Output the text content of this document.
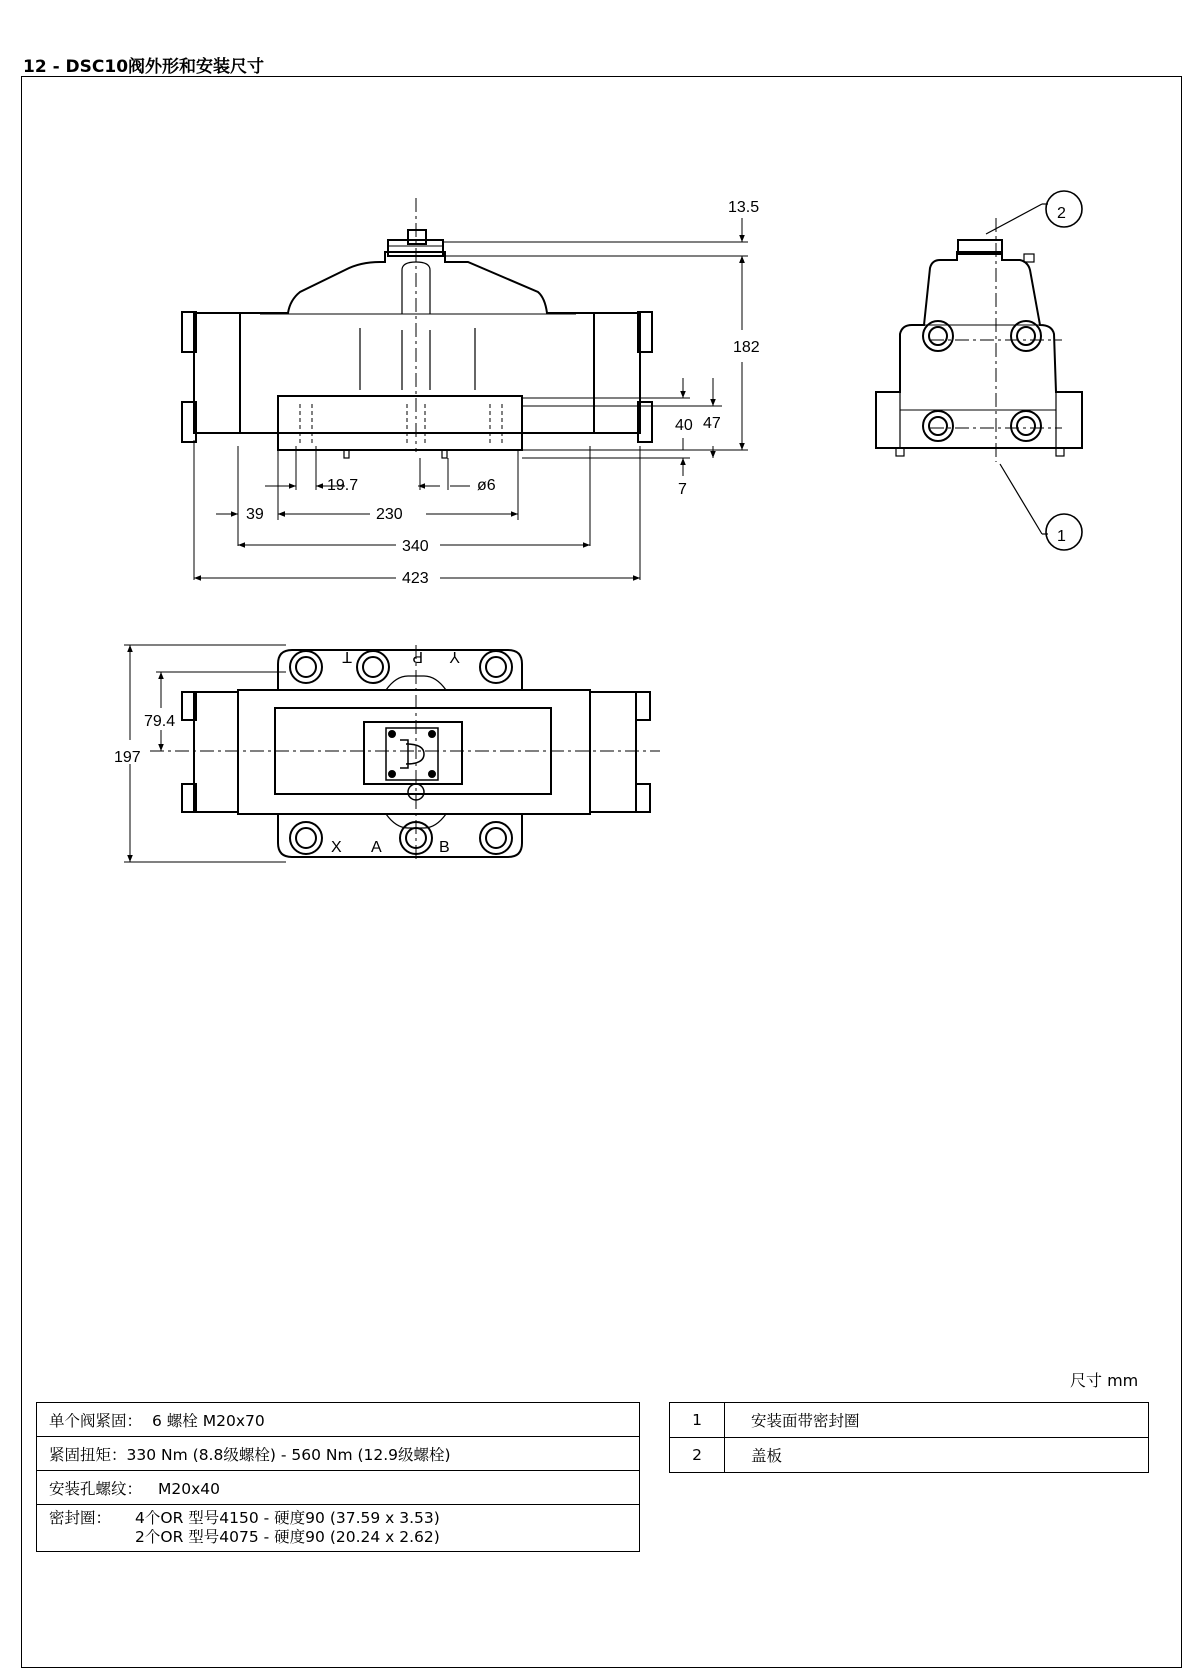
12 - DSC10阀外形和安装尺寸
13.5
182
40 47
7
19.7	ø6
39	230
340
423
2
1
T	P Y
X A	B
79.4
197
尺寸 mm
单个阀紧固： 6 螺栓 M20x70
紧固扭矩：330 Nm (8.8级螺栓) - 560 Nm (12.9级螺栓)
安装孔螺纹： M20x40
密封圈： 4个OR 型号4150 - 硬度90 (37.59 x 3.53)
2个OR 型号4075 - 硬度90 (20.24 x 2.62)
1	安装面带密封圈
2	盖板
